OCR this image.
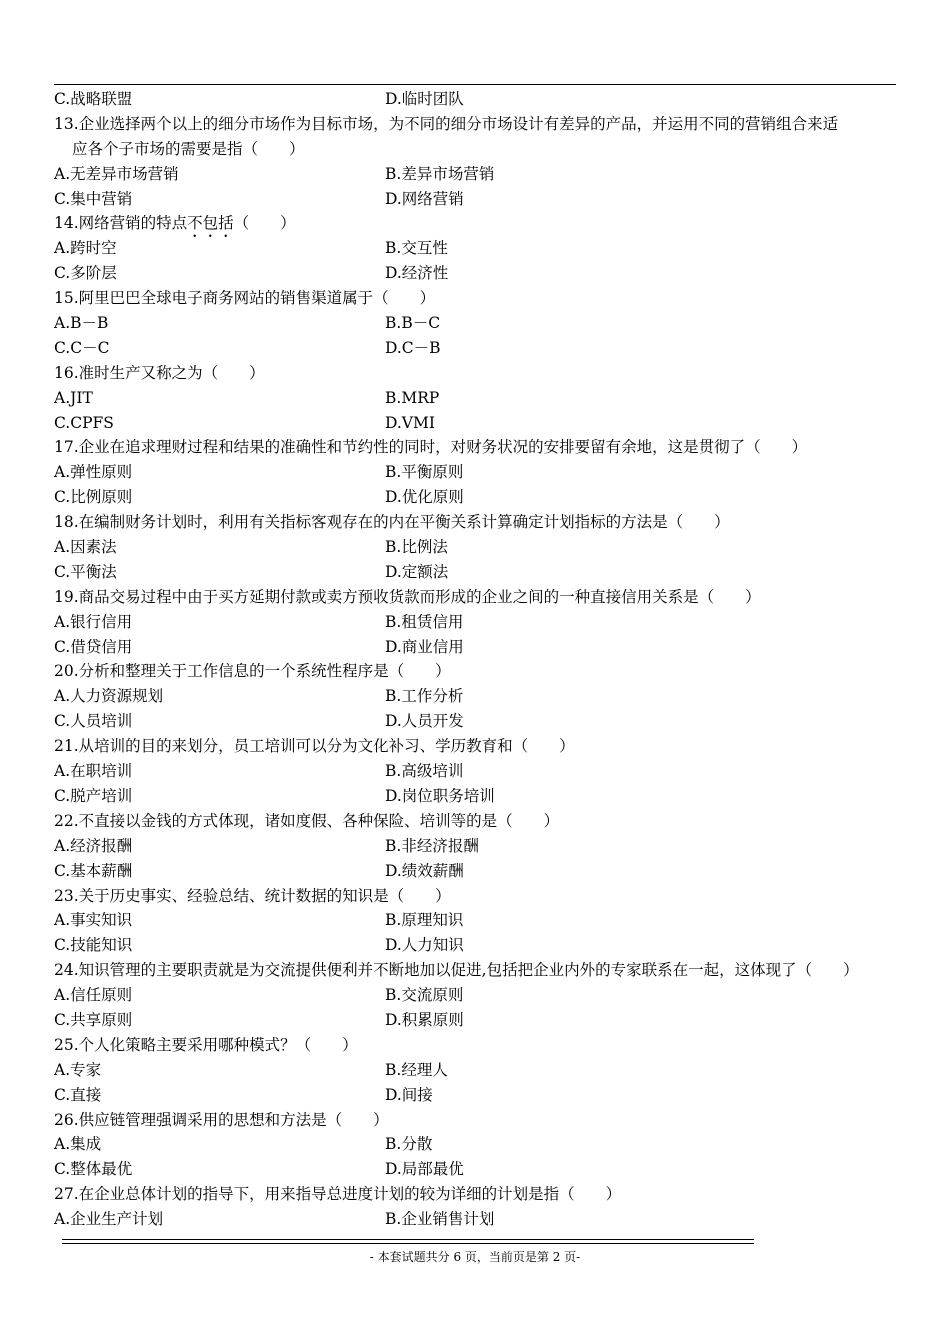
C.战略联盟	D.临时团队
13.企业选择两个以上的细分市场作为目标市场，为不同的细分市场设计有差异的产品，并运用不同的营销组合来适
应各个子市场的需要是指（　　）
A.无差异市场营销	B.差异市场营销
C.集中营销	D.网络营销
14.网络营销的特点不包括（　　）
A.跨时空	B.交互性
C.多阶层	D.经济性
15.阿里巴巴全球电子商务网站的销售渠道属于（　　）
A.B－B	B.B－C
C.C－C	D.C－B
16.准时生产又称之为（　　）
A.JIT	B.MRP
C.CPFS	D.VMI
17.企业在追求理财过程和结果的准确性和节约性的同时，对财务状况的安排要留有余地，这是贯彻了（　　）
A.弹性原则	B.平衡原则
C.比例原则	D.优化原则
18.在编制财务计划时，利用有关指标客观存在的内在平衡关系计算确定计划指标的方法是（　　）
A.因素法	B.比例法
C.平衡法	D.定额法
19.商品交易过程中由于买方延期付款或卖方预收货款而形成的企业之间的一种直接信用关系是（　　）
A.银行信用	B.租赁信用
C.借贷信用	D.商业信用
20.分析和整理关于工作信息的一个系统性程序是（　　）
A.人力资源规划	B.工作分析
C.人员培训	D.人员开发
21.从培训的目的来划分，员工培训可以分为文化补习、学历教育和（　　）
A.在职培训	B.高级培训
C.脱产培训	D.岗位职务培训
22.不直接以金钱的方式体现，诸如度假、各种保险、培训等的是（　　）
A.经济报酬	B.非经济报酬
C.基本薪酬	D.绩效薪酬
23.关于历史事实、经验总结、统计数据的知识是（　　）
A.事实知识	B.原理知识
C.技能知识	D.人力知识
24.知识管理的主要职责就是为交流提供便利并不断地加以促进,包括把企业内外的专家联系在一起，这体现了（　　）
A.信任原则	B.交流原则
C.共享原则	D.积累原则
25.个人化策略主要采用哪种模式？（　　）
A.专家	B.经理人
C.直接	D.间接
26.供应链管理强调采用的思想和方法是（　　）
A.集成	B.分散
C.整体最优	D.局部最优
27.在企业总体计划的指导下，用来指导总进度计划的较为详细的计划是指（　　）
A.企业生产计划	B.企业销售计划
- 本套试题共分 6 页，当前页是第 2 页-
